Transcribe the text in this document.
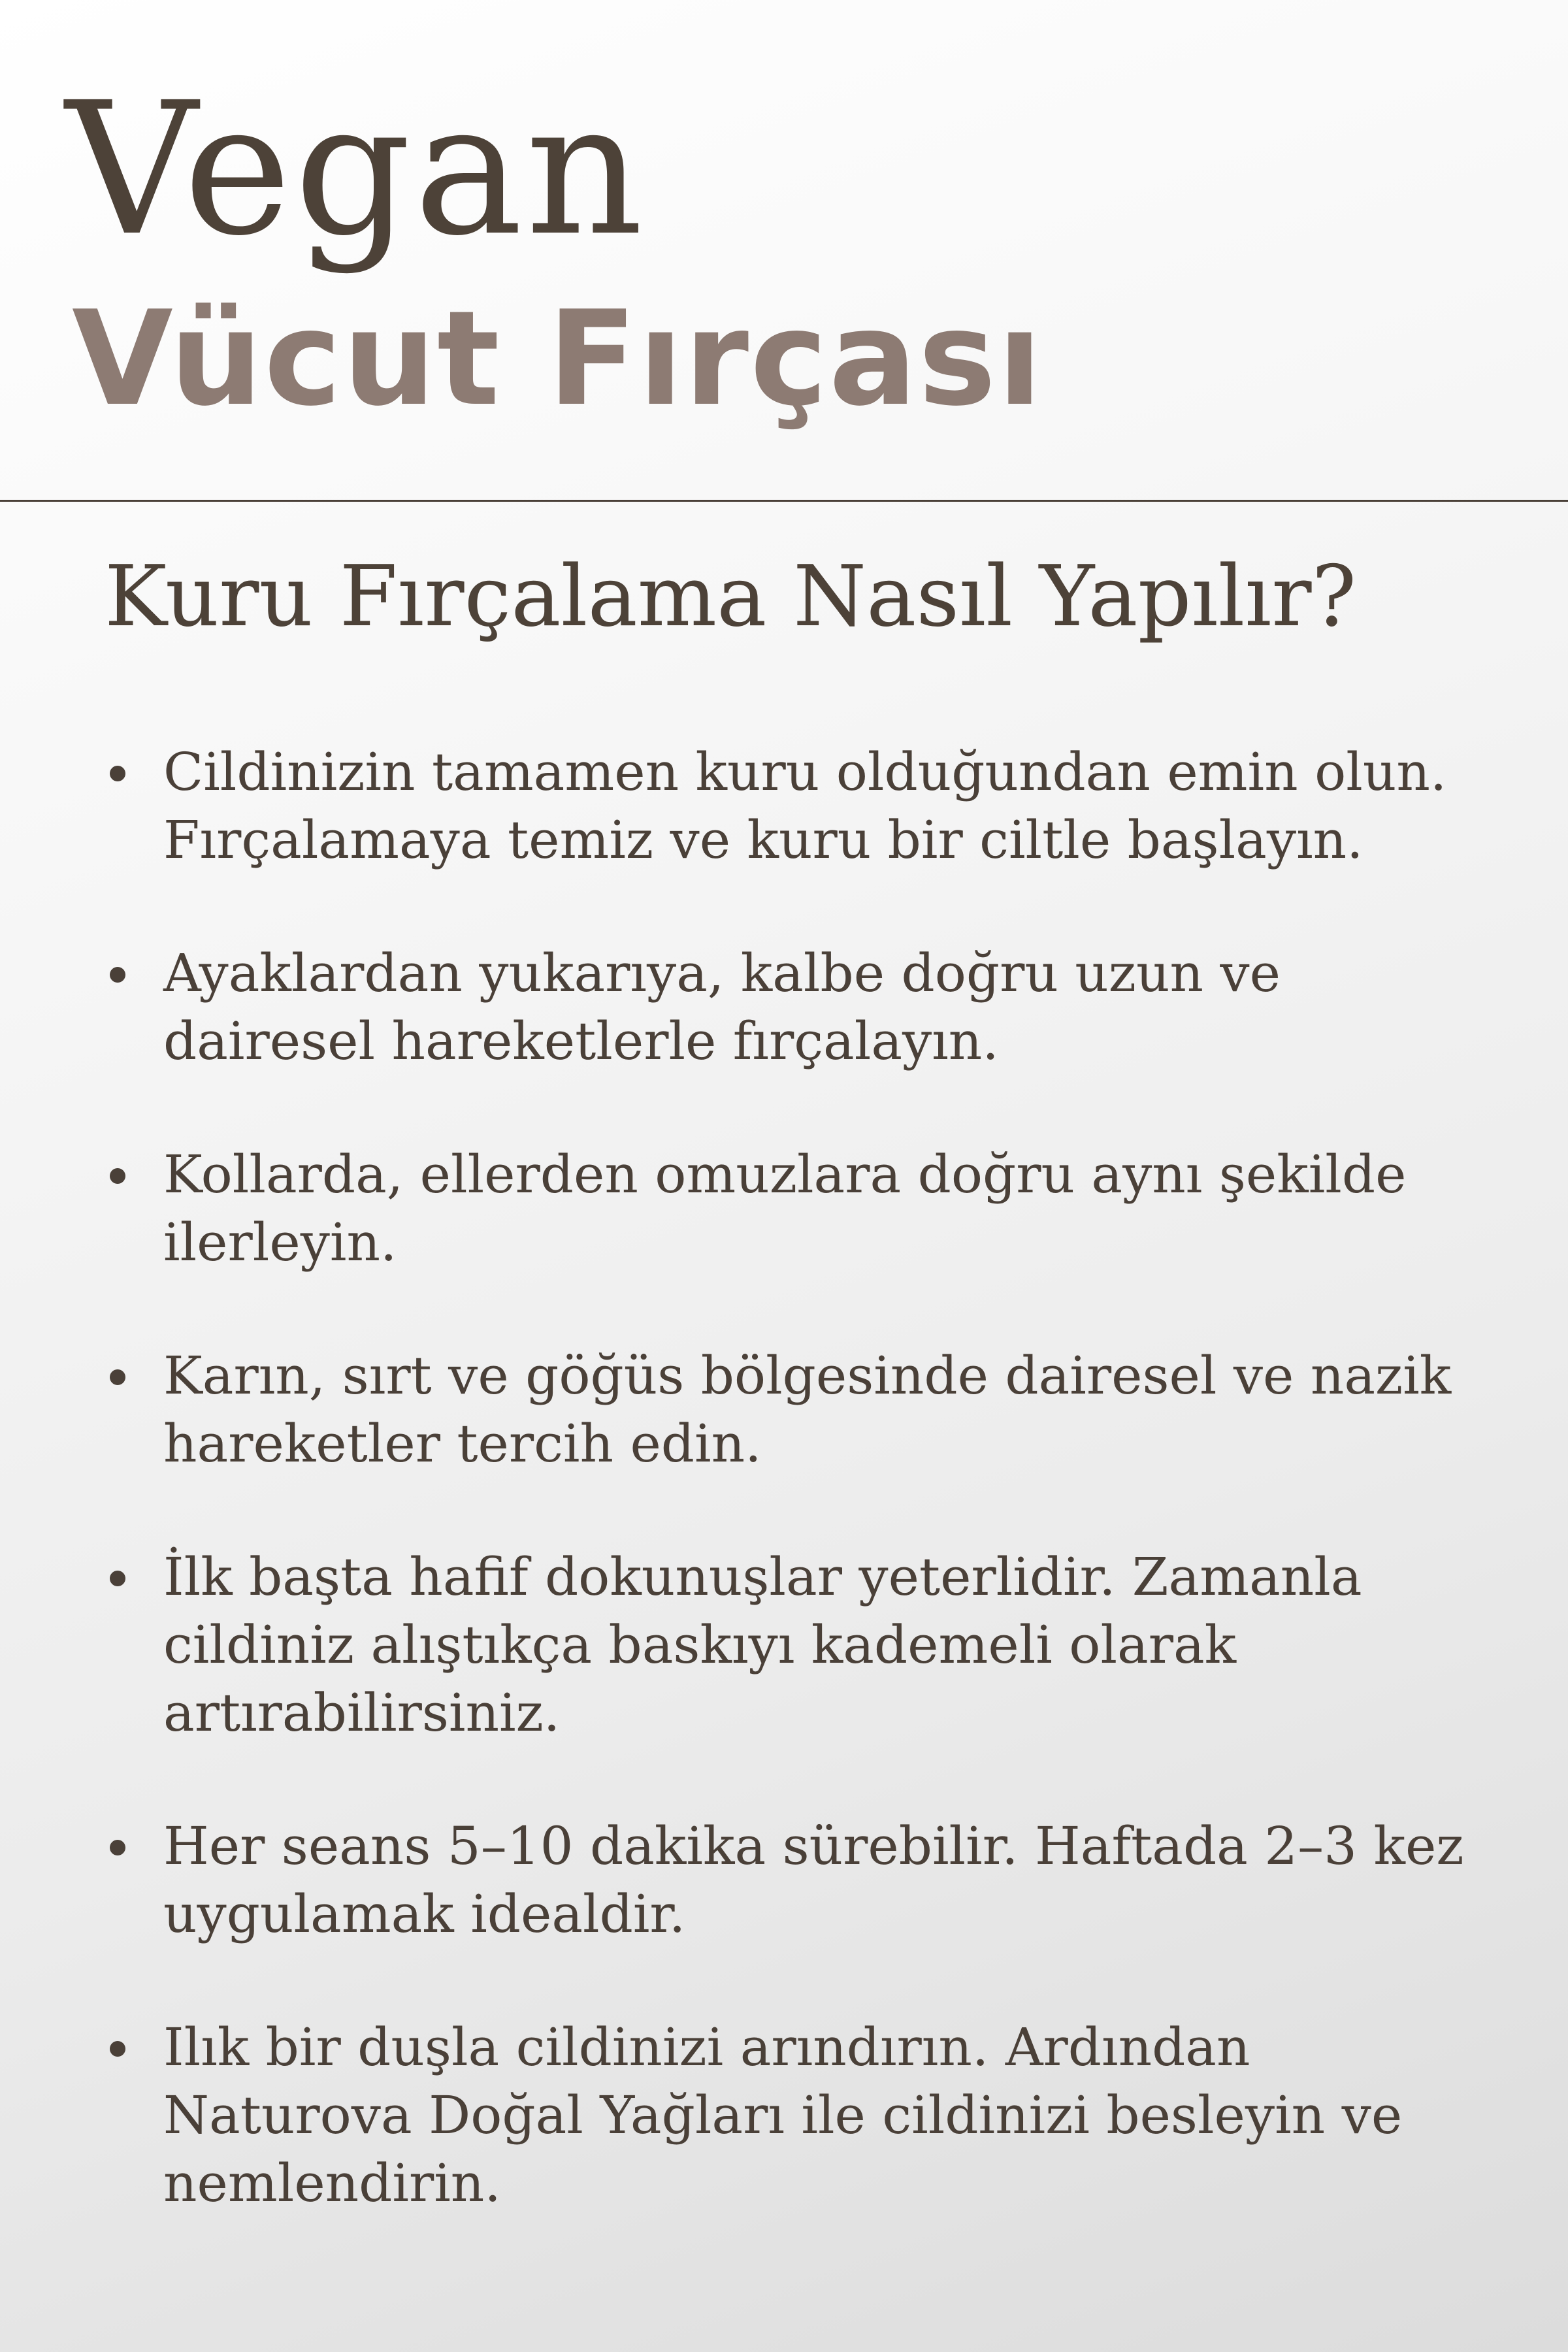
Vegan
Vücut Fırçası
Kuru Fırçalama Nasıl Yapılır?
Cildinizin tamamen kuru olduğundan emin olun. Fırçalamaya temiz ve kuru bir ciltle başlayın.
Ayaklardan yukarıya, kalbe doğru uzun ve dairesel hareketlerle fırçalayın.
Kollarda, ellerden omuzlara doğru aynı şekilde ilerleyin.
Karın, sırt ve göğüs bölgesinde dairesel ve nazik hareketler tercih edin.
İlk başta hafif dokunuşlar yeterlidir. Zamanla cildiniz alıştıkça baskıyı kademeli olarak artırabilirsiniz.
Her seans 5–10 dakika sürebilir. Haftada 2–3 kez uygulamak idealdir.
Ilık bir duşla cildinizi arındırın. Ardından Naturova Doğal Yağları ile cildinizi besleyin ve nemlendirin.
